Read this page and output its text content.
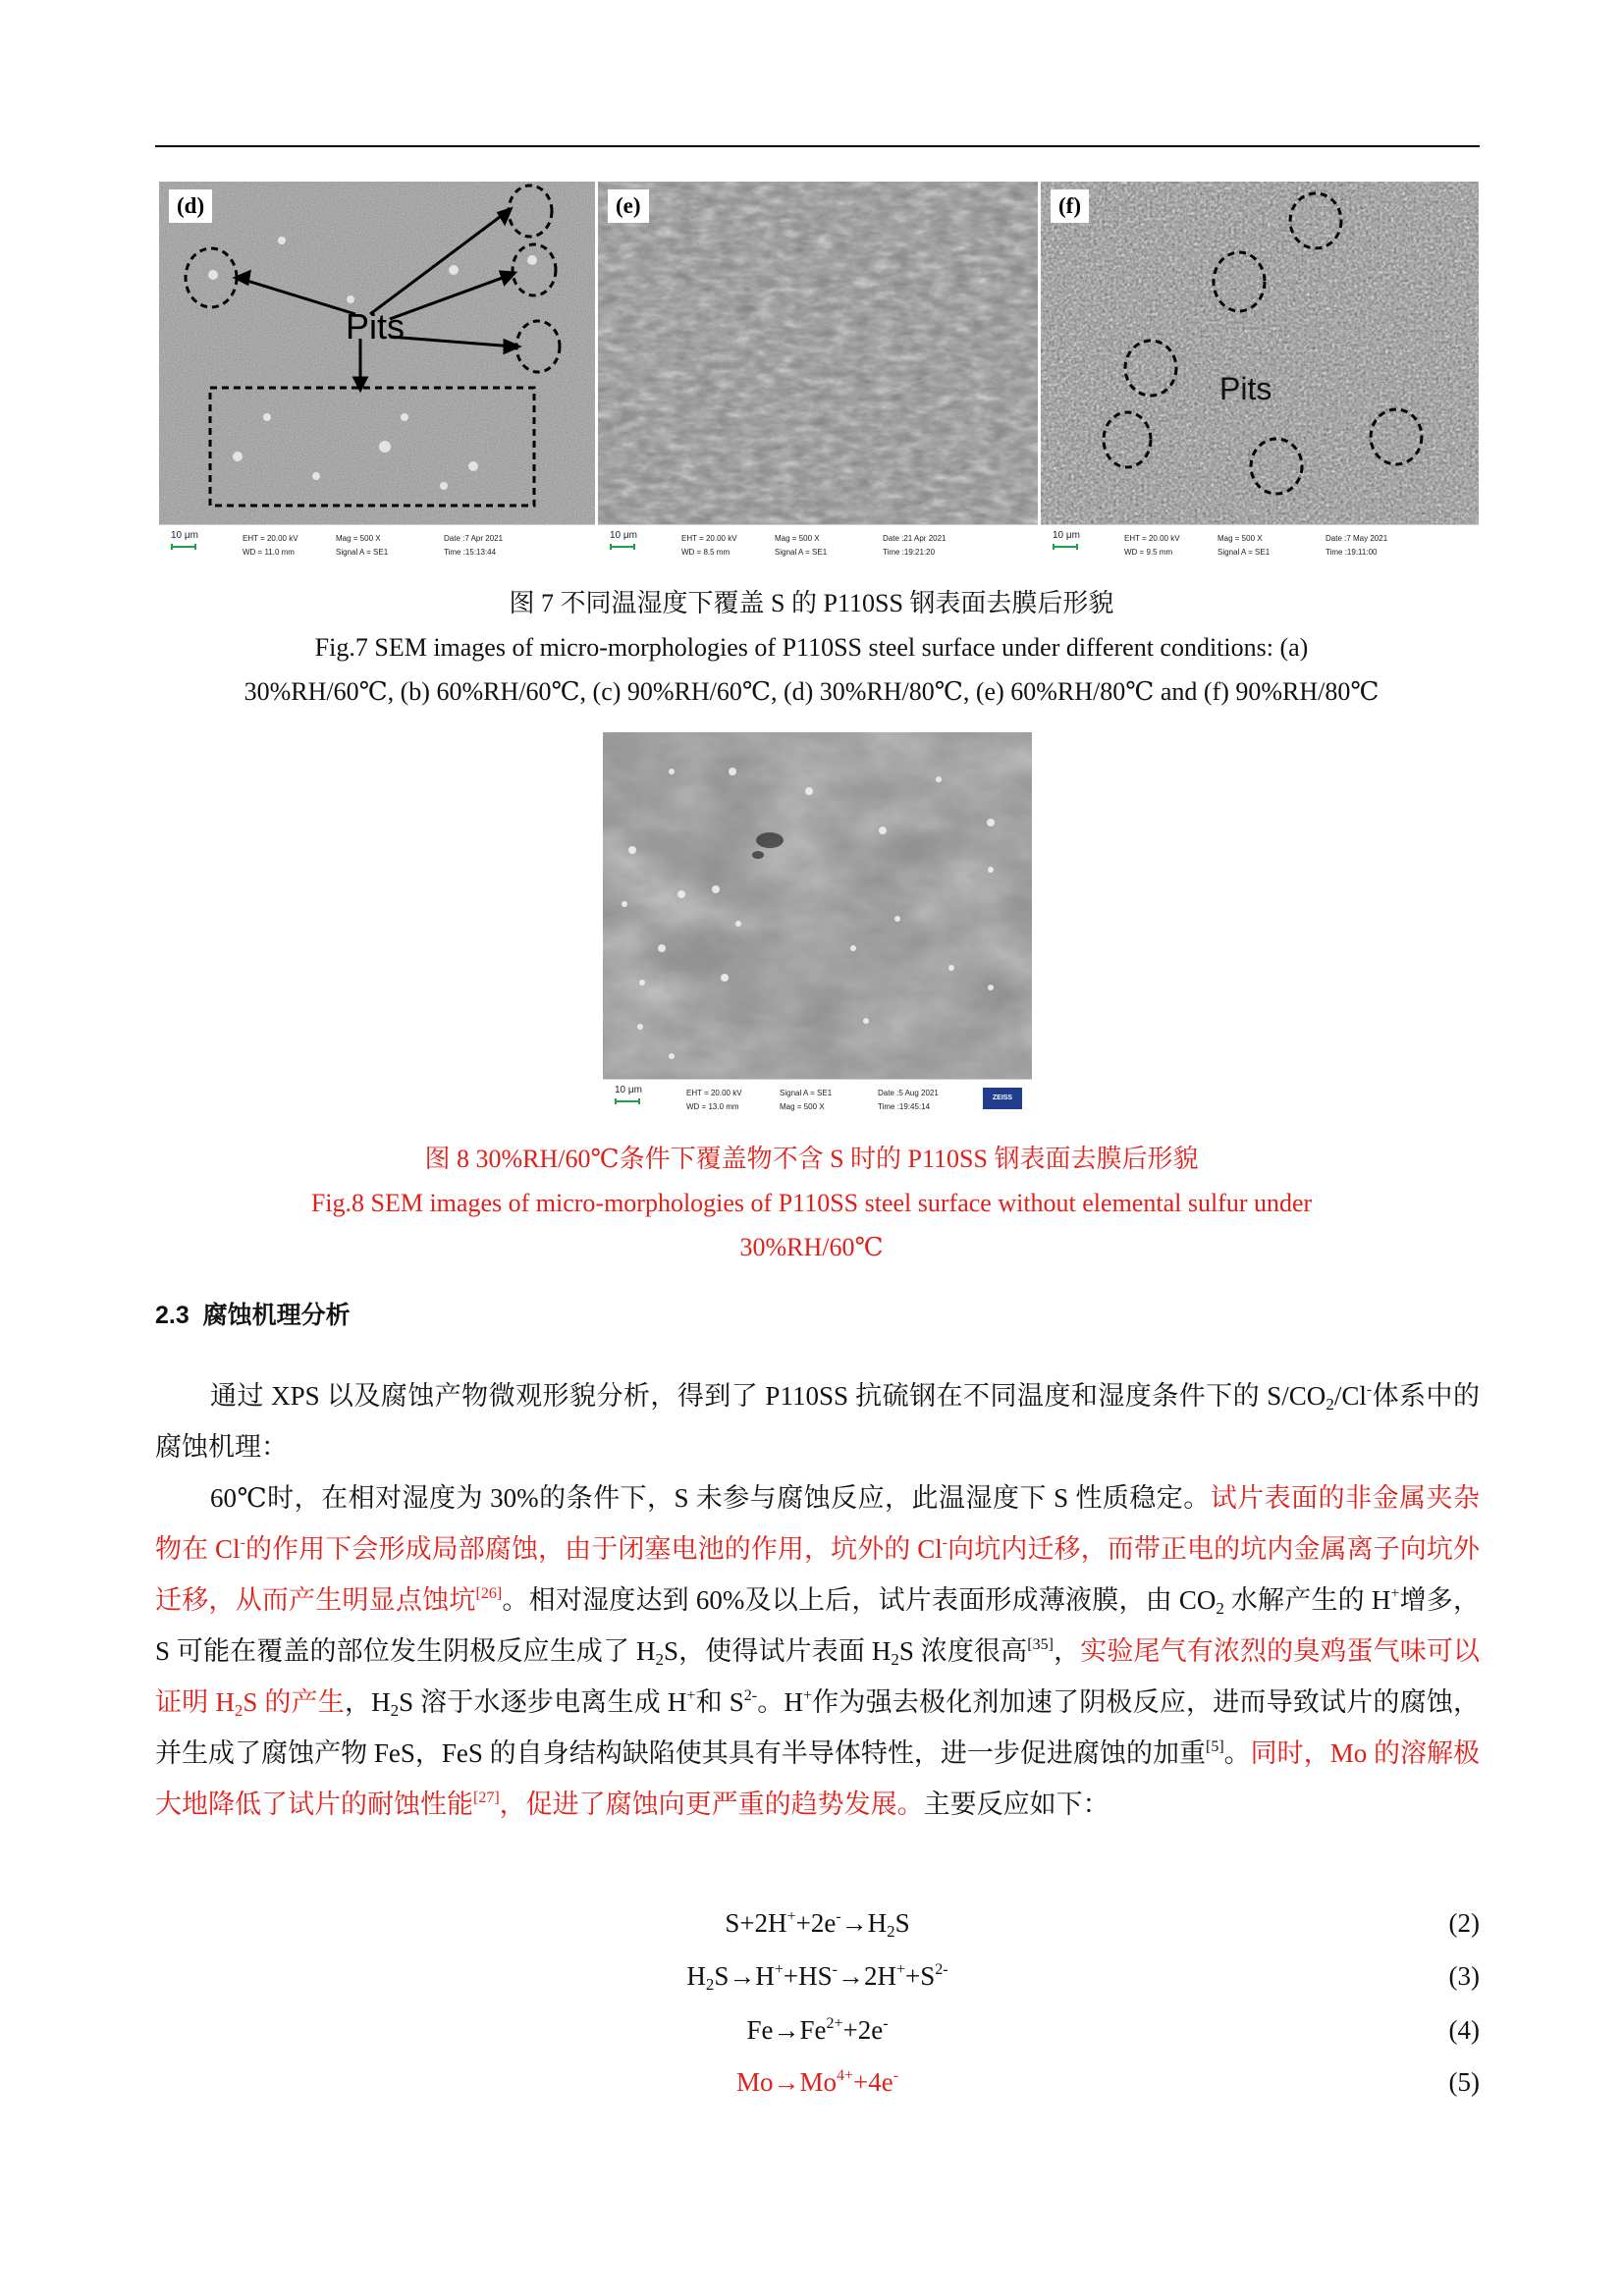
Pits
(d)
10 μm	EHT = 20.00 kV
WD = 11.0 mm
Mag = 500 X
Signal A = SE1
Date :7 Apr 2021
Time :15:13:44
(e)
10 μm	EHT = 20.00 kV
WD = 8.5 mm
Mag = 500 X
Signal A = SE1
Date :21 Apr 2021
Time :19:21:20
Pits
(f)
10 μm	EHT = 20.00 kV
WD = 9.5 mm
Mag = 500 X
Signal A = SE1
Date :7 May 2021
Time :19:11:00
图 7 不同温湿度下覆盖 S 的 P110SS 钢表面去膜后形貌
Fig.7 SEM images of micro-morphologies of P110SS steel surface under different conditions: (a)
30%RH/60℃, (b) 60%RH/60℃, (c) 90%RH/60℃, (d) 30%RH/80℃, (e) 60%RH/80℃ and (f) 90%RH/80℃
10 μm	EHT = 20.00 kV
WD = 13.0 mm
Signal A = SE1
Mag = 500 X
Date :5 Aug 2021
Time :19:45:14
ZEISS
图 8 30%RH/60℃条件下覆盖物不含 S 时的 P110SS 钢表面去膜后形貌
Fig.8 SEM images of micro-morphologies of P110SS steel surface without elemental sulfur under
30%RH/60℃
2.3 腐蚀机理分析

通过 XPS 以及腐蚀产物微观形貌分析，得到了 P110SS 抗硫钢在不同温度和湿度条件下的 $S/CO_2/Cl^-$体系中的腐蚀机理：

60℃时，在相对湿度为 30%的条件下，S 未参与腐蚀反应，此温湿度下 S 性质稳定。试片表面的非金属夹杂物在 Cl-的作用下会形成局部腐蚀，由于闭塞电池的作用，坑外的 Cl-向坑内迁移，而带正电的坑内金属离子向坑外迁移，从而产生明显点蚀坑[26]。相对湿度达到 60%及以上后，试片表面形成薄液膜，由 $CO_2$ 水解产生的 H+增多，S 可能在覆盖的部位发生阴极反应生成了 $H_2S$，使得试片表面 $H_2S$ 浓度很高[35]，实验尾气有浓烈的臭鸡蛋气味可以证明 $H_2S$ 的产生，$H_2S$ 溶于水逐步电离生成 H+和 $S^{2-}$。H+作为强去极化剂加速了阴极反应，进而导致试片的腐蚀，并生成了腐蚀产物 FeS，FeS 的自身结构缺陷使其具有半导体特性，进一步促进腐蚀的加重[5]。同时，Mo 的溶解极大地降低了试片的耐蚀性能[27]，促进了腐蚀向更严重的趋势发展。主要反应如下：

$S+2H^++2e^-\to H_2S$	(2)
$H_2S\to H^++HS^-\to 2H^++S^{2-}$	(3)
$Fe\to Fe^{2+}+2e^-$	(4)
$Mo\to Mo^{4+}+4e^-$	(5)
